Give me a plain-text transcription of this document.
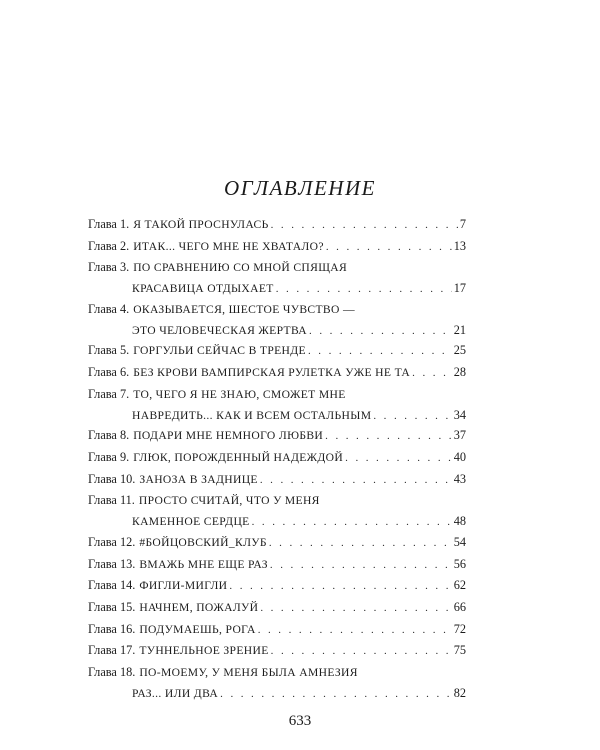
ОГЛАВЛЕНИЕ
Глава 1. Я ТАКОЙ ПРОСНУЛАСЬ . . .	7
Глава 2. ИТАК... ЧЕГО МНЕ НЕ ХВАТАЛО? . . .	13
Глава 3. ПО СРАВНЕНИЮ СО МНОЙ СПЯЩАЯ
КРАСАВИЦА ОТДЫХАЕТ . . .	17
Глава 4. ОКАЗЫВАЕТСЯ, ШЕСТОЕ ЧУВСТВО —
ЭТО ЧЕЛОВЕЧЕСКАЯ ЖЕРТВА . . .	21
Глава 5. ГОРГУЛЬИ СЕЙЧАС В ТРЕНДЕ . . .	25
Глава 6. БЕЗ КРОВИ ВАМПИРСКАЯ РУЛЕТКА УЖЕ НЕ ТА . . .	28
Глава 7. ТО, ЧЕГО Я НЕ ЗНАЮ, СМОЖЕТ МНЕ
НАВРЕДИТЬ... КАК И ВСЕМ ОСТАЛЬНЫМ . . .	34
Глава 8. ПОДАРИ МНЕ НЕМНОГО ЛЮБВИ . . .	37
Глава 9. ГЛЮК, ПОРОЖДЕННЫЙ НАДЕЖДОЙ . . .	40
Глава 10. ЗАНОЗА В ЗАДНИЦЕ . . .	43
Глава 11. ПРОСТО СЧИТАЙ, ЧТО У МЕНЯ
КАМЕННОЕ СЕРДЦЕ . . .	48
Глава 12. #БОЙЦОВСКИЙ_КЛУБ . . .	54
Глава 13. ВМАЖЬ МНЕ ЕЩЕ РАЗ . . .	56
Глава 14. ФИГЛИ-МИГЛИ . . .	62
Глава 15. НАЧНЕМ, ПОЖАЛУЙ . . .	66
Глава 16. ПОДУМАЕШЬ, РОГА . . .	72
Глава 17. ТУННЕЛЬНОЕ ЗРЕНИЕ . . .	75
Глава 18. ПО-МОЕМУ, У МЕНЯ БЫЛА АМНЕЗИЯ
РАЗ... ИЛИ ДВА . . .	82
633
